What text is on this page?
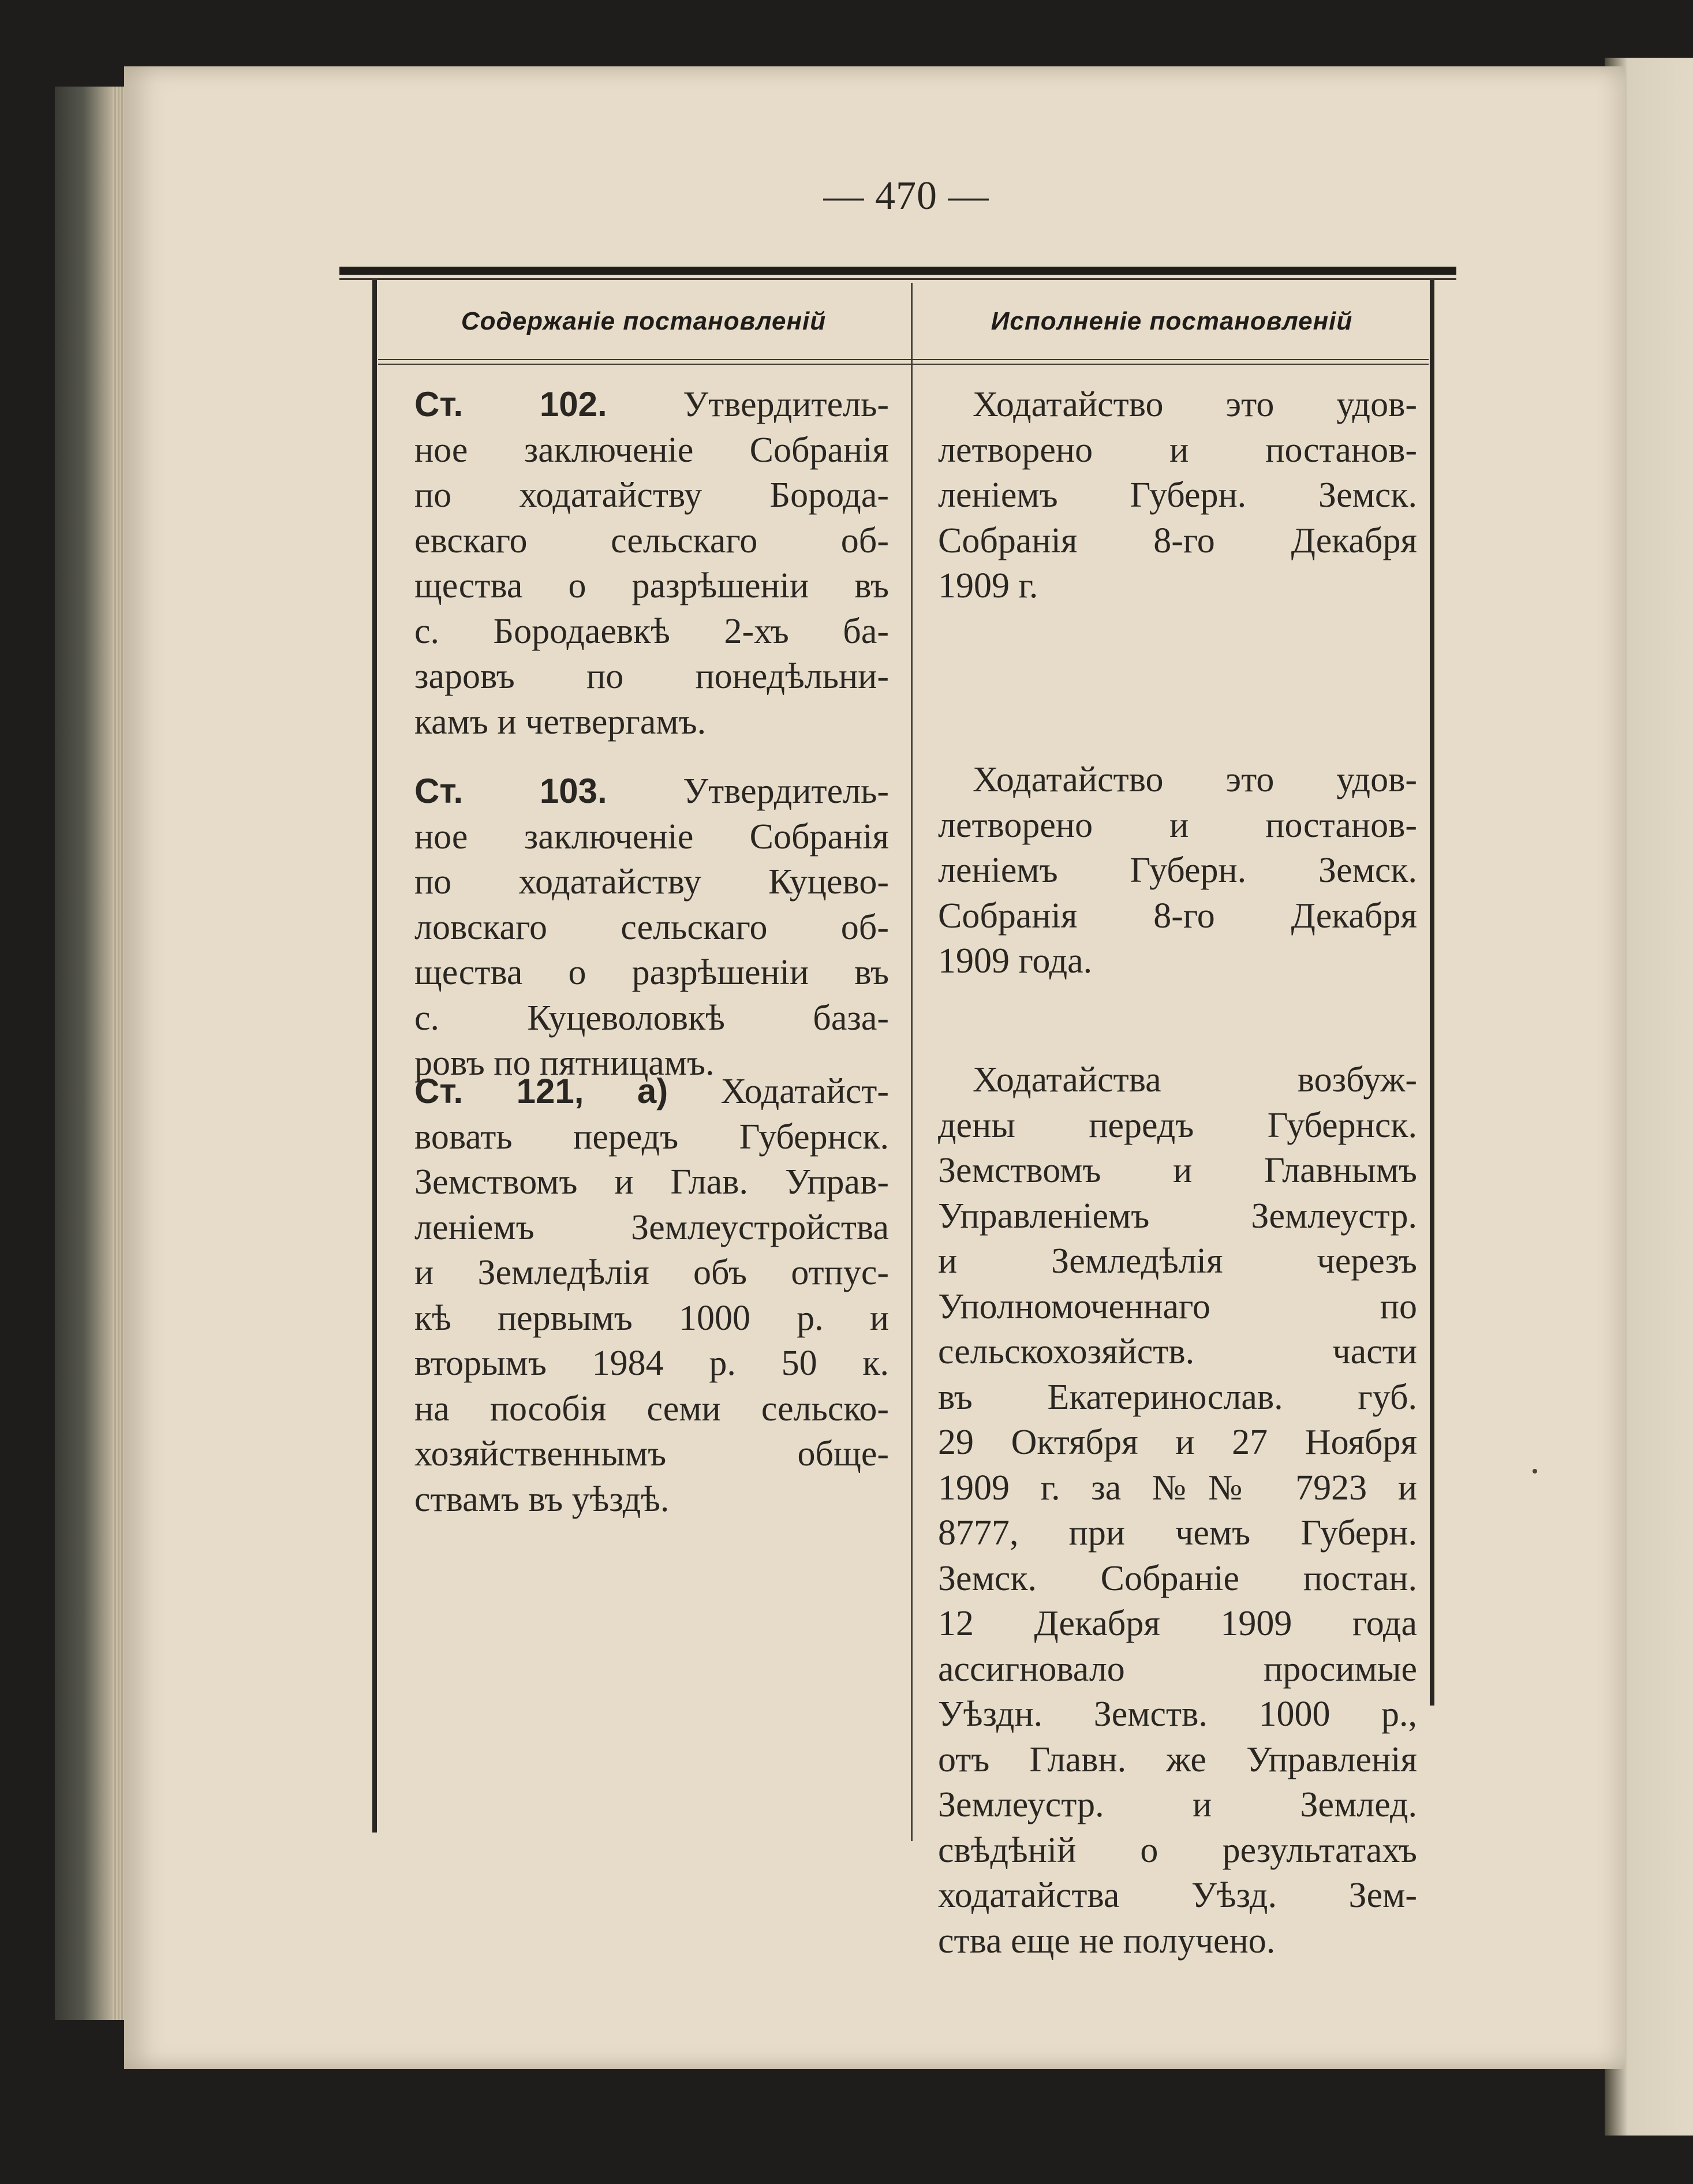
— 470 —
Содержаніе постановленій	Исполненіе постановленій
Ст. 102. Утвердитель-
ное заключеніе Собранія
по ходатайству Борода-
евскаго сельскаго об-
щества о разрѣшеніи въ
с. Бородаевкѣ 2-хъ ба-
заровъ по понедѣльни-
камъ и четвергамъ.
Ст. 103. Утвердитель-
ное заключеніе Собранія
по ходатайству Куцево-
ловскаго сельскаго об-
щества о разрѣшеніи въ
с. Куцеволовкѣ база-
ровъ по пятницамъ.
Ст. 121, а) Ходатайст-
вовать передъ Губернск.
Земствомъ и Глав. Управ-
леніемъ Землеустройства
и Земледѣлія объ отпус-
кѣ первымъ 1000 р. и
вторымъ 1984 р. 50 к.
на пособія семи сельско-
хозяйственнымъ обще-
ствамъ въ уѣздѣ.
Ходатайство это удов-
летворено и постанов-
леніемъ Губерн. Земск.
Собранія 8-го Декабря
1909 г.
Ходатайство это удов-
летворено и постанов-
леніемъ Губерн. Земск.
Собранія 8-го Декабря
1909 года.
Ходатайства возбуж-
дены передъ Губернск.
Земствомъ и Главнымъ
Управленіемъ Землеустр.
и Земледѣлія черезъ
Уполномоченнаго по
сельскохозяйств. части
въ Екатеринослав. губ.
29 Октября и 27 Ноября
1909 г. за №№ 7923 и
8777, при чемъ Губерн.
Земск. Собраніе постан.
12 Декабря 1909 года
ассигновало просимые
Уѣздн. Земств. 1000 р.,
отъ Главн. же Управленія
Землеустр. и Землед.
свѣдѣній о результатахъ
ходатайства Уѣзд. Зем-
ства еще не получено.
